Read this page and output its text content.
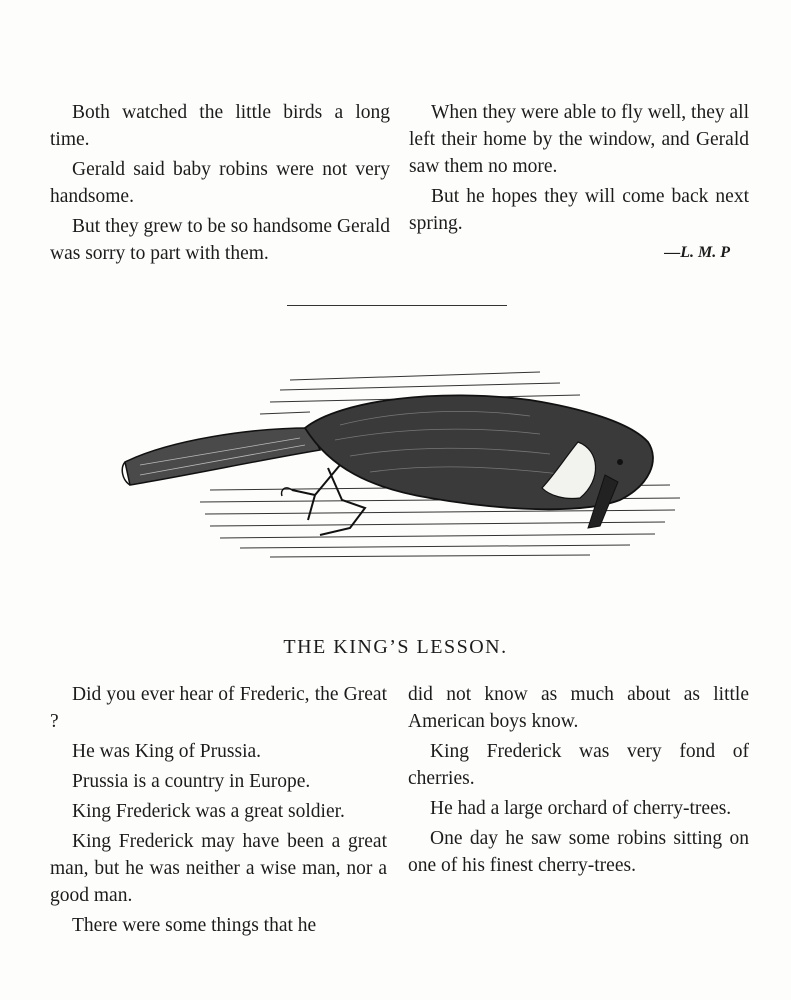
Both watched the little birds a long time.

Gerald said baby robins were not very handsome.

But they grew to be so handsome Gerald was sorry to part with them.

When they were able to fly well, they all left their home by the window, and Gerald saw them no more.

But he hopes they will come back next spring.

—L. M. P
THE KING’S LESSON.

Did you ever hear of Frederic, the Great ?

He was King of Prussia.

Prussia is a country in Europe.

King Frederick was a great soldier.

King Frederick may have been a great man, but he was neither a wise man, nor a good man.

There were some things that he

did not know as much about as little American boys know.

King Frederick was very fond of cherries.

He had a large orchard of cherry-trees.

One day he saw some robins sitting on one of his finest cherry-trees.
